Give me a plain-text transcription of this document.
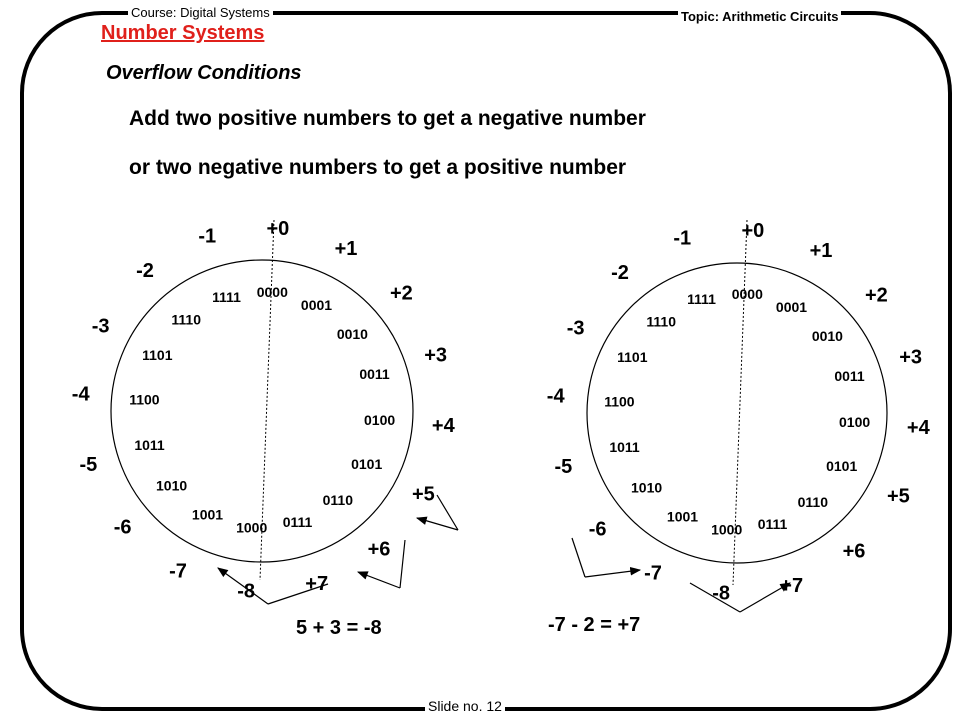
Course: Digital Systems	Topic: Arithmetic Circuits
Slide no. 12
Number Systems
Overflow Conditions
Add two positive numbers to get a negative number
or two negative numbers to get a positive number
0000
+0
0001
+1
0010
+2
0011
+3
0100 +4
0101
+5
0110
+6
0111
+7
1000
-8
1001
-7
1010
-6
1011
-5
1100
-4
1101
-3	1110
-2
1111
-1
0000
+0
0001
+1
0010
+2
0011
+3
0100 +4
0101
+5
0110
+6
0111
+7
1000
-8
1001
-7
1010
-6
1011
-5
1100
-4
1101
-3	1110
-2
1111
-1
5 + 3 = -8	-7 - 2 = +7
